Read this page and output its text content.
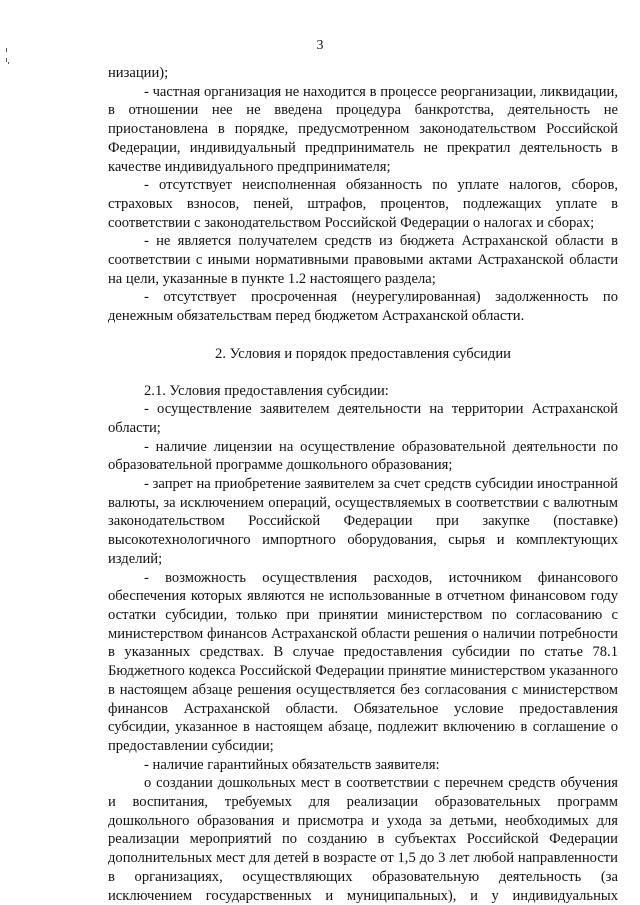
3

низации);

- частная организация не находится в процессе реорганизации, ликвидации, в отношении нее не введена процедура банкротства, деятельность не приостановлена в порядке, предусмотренном законодательством Российской Федерации, индивидуальный предприниматель не прекратил деятельность в качестве индивидуального предпринимателя;

- отсутствует неисполненная обязанность по уплате налогов, сборов, страховых взносов, пеней, штрафов, процентов, подлежащих уплате в соответствии с законодательством Российской Федерации о налогах и сборах;

- не является получателем средств из бюджета Астраханской области в соответствии с иными нормативными правовыми актами Астраханской области на цели, указанные в пункте 1.2 настоящего раздела;

- отсутствует просроченная (неурегулированная) задолженность по денежным обязательствам перед бюджетом Астраханской области.

2. Условия и порядок предоставления субсидии

2.1. Условия предоставления субсидии:

- осуществление заявителем деятельности на территории Астраханской области;

- наличие лицензии на осуществление образовательной деятельности по образовательной программе дошкольного образования;

- запрет на приобретение заявителем за счет средств субсидии иностранной валюты, за исключением операций, осуществляемых в соответствии с валютным законодательством Российской Федерации при закупке (поставке) высокотехнологичного импортного оборудования, сырья и комплектующих изделий;

- возможность осуществления расходов, источником финансового обеспечения которых являются не использованные в отчетном финансовом году остатки субсидии, только при принятии министерством по согласованию с министерством финансов Астраханской области решения о наличии потребности в указанных средствах. В случае предоставления субсидии по статье 78.1 Бюджетного кодекса Российской Федерации принятие министерством указанного в настоящем абзаце решения осуществляется без согласования с министерством финансов Астраханской области. Обязательное условие предоставления субсидии, указанное в настоящем абзаце, подлежит включению в соглашение о предоставлении субсидии;

- наличие гарантийных обязательств заявителя:

о создании дошкольных мест в соответствии с перечнем средств обучения и воспитания, требуемых для реализации образовательных программ дошкольного образования и присмотра и ухода за детьми, необходимых для реализации мероприятий по созданию в субъектах Российской Федерации дополнительных мест для детей в возрасте от 1,5 до 3 лет любой направленности в организациях, осуществляющих образовательную деятельность (за исключением государственных и муниципальных), и у индивидуальных
